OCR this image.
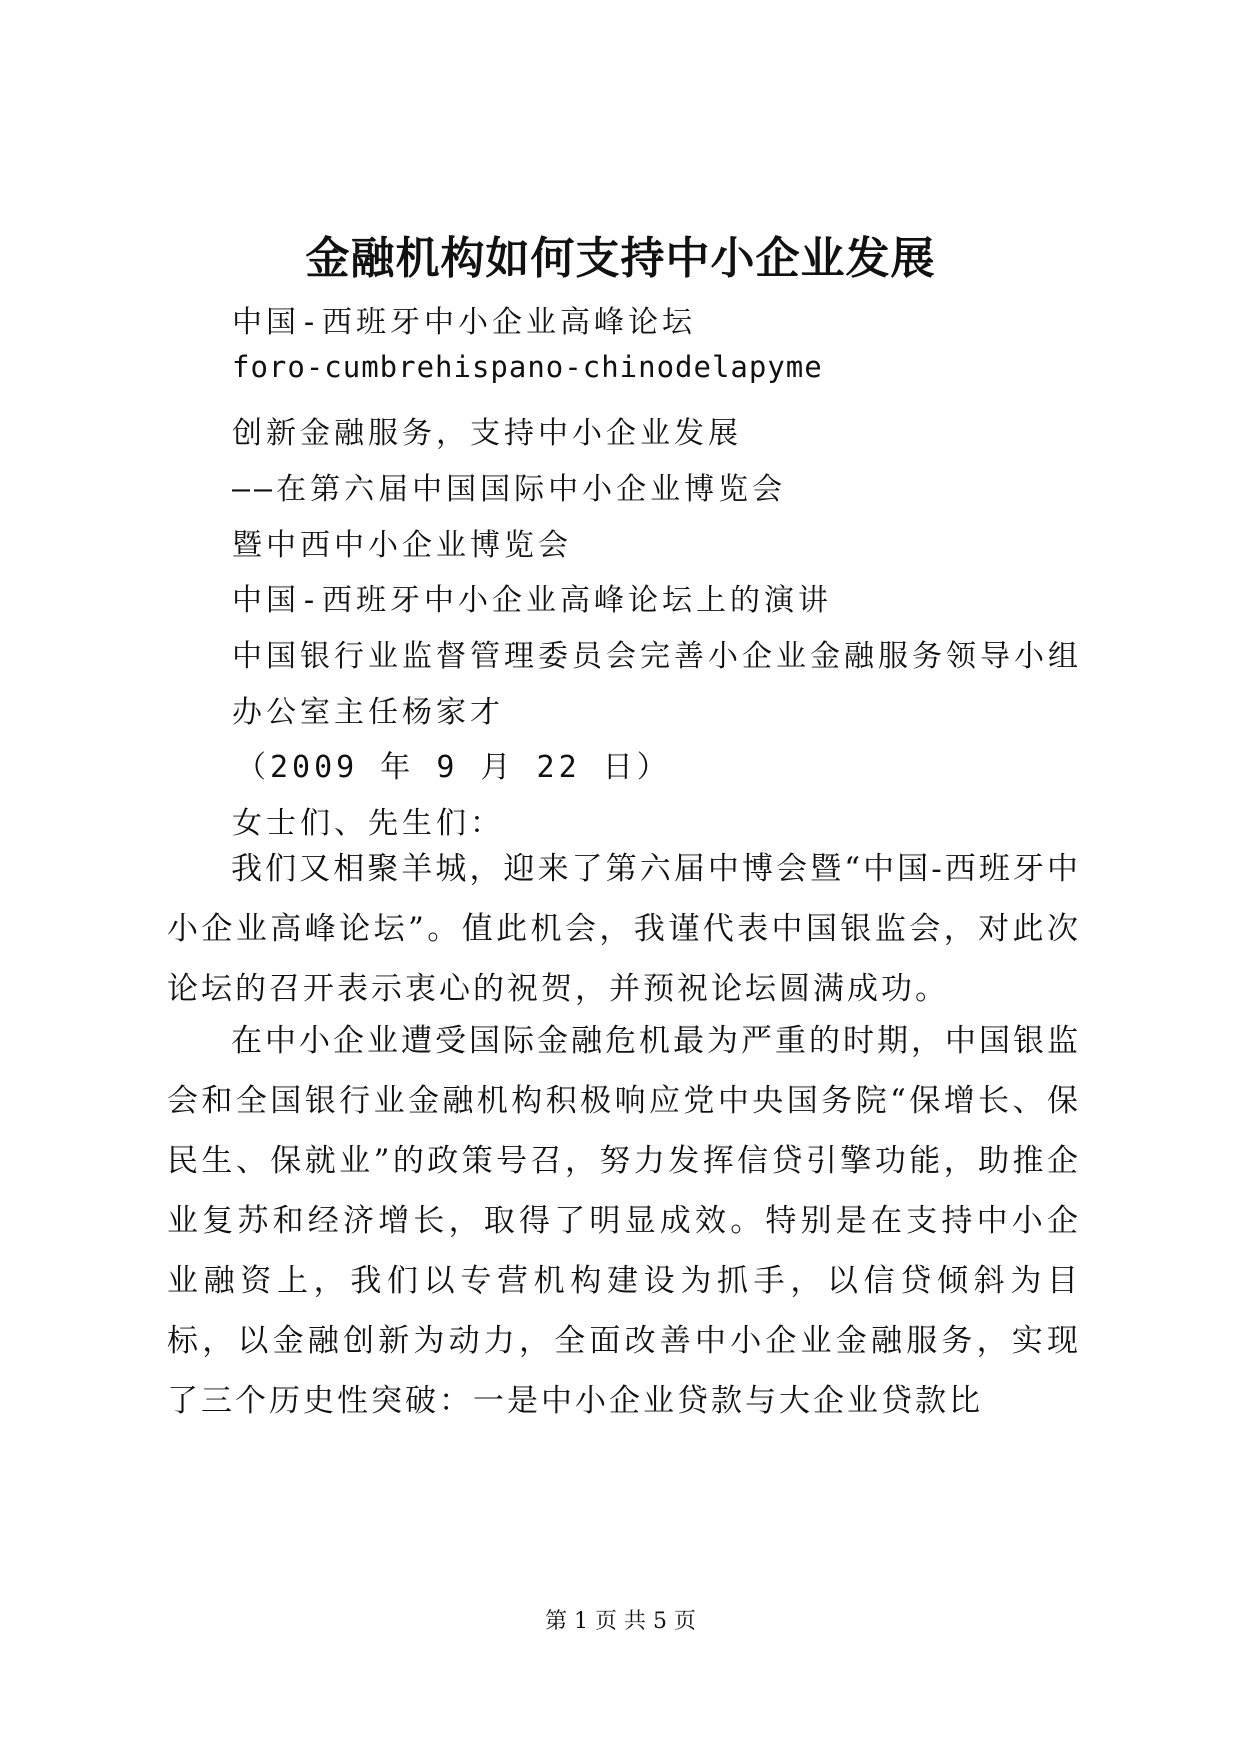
金融机构如何支持中小企业发展
中国-西班牙中小企业高峰论坛
foro-cumbrehispano-chinodelapyme
创新金融服务，支持中小企业发展
——在第六届中国国际中小企业博览会
暨中西中小企业博览会
中国-西班牙中小企业高峰论坛上的演讲
中国银行业监督管理委员会完善小企业金融服务领导小组
办公室主任杨家才
（2009 年 9 月 22 日）
女士们、先生们：
我们又相聚羊城，迎来了第六届中博会暨“中国-西班牙中小企业高峰论坛”。值此机会，我谨代表中国银监会，对此次论坛的召开表示衷心的祝贺，并预祝论坛圆满成功。
在中小企业遭受国际金融危机最为严重的时期，中国银监会和全国银行业金融机构积极响应党中央国务院“保增长、保民生、保就业”的政策号召，努力发挥信贷引擎功能，助推企业复苏和经济增长，取得了明显成效。特别是在支持中小企业融资上，我们以专营机构建设为抓手，以信贷倾斜为目标，以金融创新为动力，全面改善中小企业金融服务，实现了三个历史性突破：一是中小企业贷款与大企业贷款比
第 1 页 共 5 页
